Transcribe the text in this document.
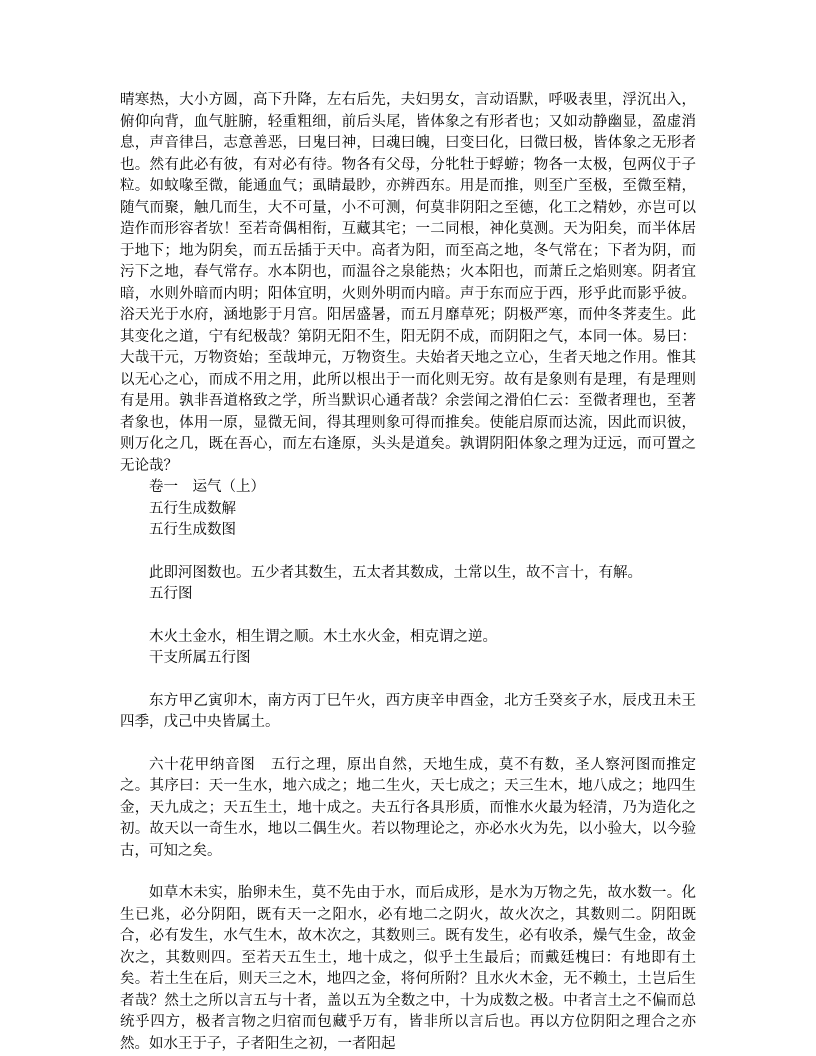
晴寒热，大小方圆，高下升降，左右后先，夫妇男女，言动语默，呼吸表里，浮沉出入，俯仰向背，血气脏腑，轻重粗细，前后头尾，皆体象之有形者也；又如动静幽显，盈虚消息，声音律吕，志意善恶，曰鬼曰神，曰魂曰魄，曰变曰化，曰微曰极，皆体象之无形者也。然有此必有彼，有对必有待。物各有父母，分牝牡于蜉蝣；物各一太极，包两仪于子粒。如蚊喙至微，能通血气；虱睛最眇，亦辨西东。用是而推，则至广至极，至微至精，随气而聚，触几而生，大不可量，小不可测，何莫非阴阳之至德，化工之精妙，亦岂可以造作而形容者欤！至若奇偶相衔，互藏其宅；一二同根，神化莫测。天为阳矣，而半体居于地下；地为阴矣，而五岳插于天中。高者为阳，而至高之地，冬气常在；下者为阴，而污下之地，春气常存。水本阴也，而温谷之泉能热；火本阳也，而萧丘之焰则寒。阴者宜暗，水则外暗而内明；阳体宜明，火则外明而内暗。声于东而应于西，形乎此而影乎彼。浴天光于水府，涵地影于月宫。阳居盛暑，而五月靡草死；阴极严寒，而仲冬荠麦生。此其变化之道，宁有纪极哉？第阴无阳不生，阳无阴不成，而阴阳之气，本同一体。易曰：大哉干元，万物资始；至哉坤元，万物资生。夫始者天地之立心，生者天地之作用。惟其以无心之心，而成不用之用，此所以根出于一而化则无穷。故有是象则有是理，有是理则有是用。孰非吾道格致之学，所当默识心通者哉？余尝闻之滑伯仁云：至微者理也，至著者象也，体用一原，显微无间，得其理则象可得而推矣。使能启原而达流，因此而识彼，则万化之几，既在吾心，而左右逢原，头头是道矣。孰谓阴阳体象之理为迂远，而可置之无论哉？

卷一　运气（上）

五行生成数解

五行生成数图

此即河图数也。五少者其数生，五太者其数成，土常以生，故不言十，有解。

五行图

木火土金水，相生谓之顺。木土水火金，相克谓之逆。

干支所属五行图

东方甲乙寅卯木，南方丙丁巳午火，西方庚辛申酉金，北方壬癸亥子水，辰戌丑未王四季，戊己中央皆属土。

六十花甲纳音图　五行之理，原出自然，天地生成，莫不有数，圣人察河图而推定之。其序曰：天一生水，地六成之；地二生火，天七成之；天三生木，地八成之；地四生金，天九成之；天五生土，地十成之。夫五行各具形质，而惟水火最为轻清，乃为造化之初。故天以一奇生水，地以二偶生火。若以物理论之，亦必水火为先，以小验大，以今验古，可知之矣。

如草木未实，胎卵未生，莫不先由于水，而后成形，是水为万物之先，故水数一。化生已兆，必分阴阳，既有天一之阳水，必有地二之阴火，故火次之，其数则二。阴阳既合，必有发生，水气生木，故木次之，其数则三。既有发生，必有收杀，燥气生金，故金次之，其数则四。至若天五生土，地十成之，似乎土生最后；而戴廷槐曰：有地即有土矣。若土生在后，则天三之木，地四之金，将何所附？且水火木金，无不赖土，土岂后生者哉？然土之所以言五与十者，盖以五为全数之中，十为成数之极。中者言土之不偏而总统乎四方，极者言物之归宿而包藏乎万有，皆非所以言后也。再以方位阴阳之理合之亦然。如水王于子，子者阳生之初，一者阳起
